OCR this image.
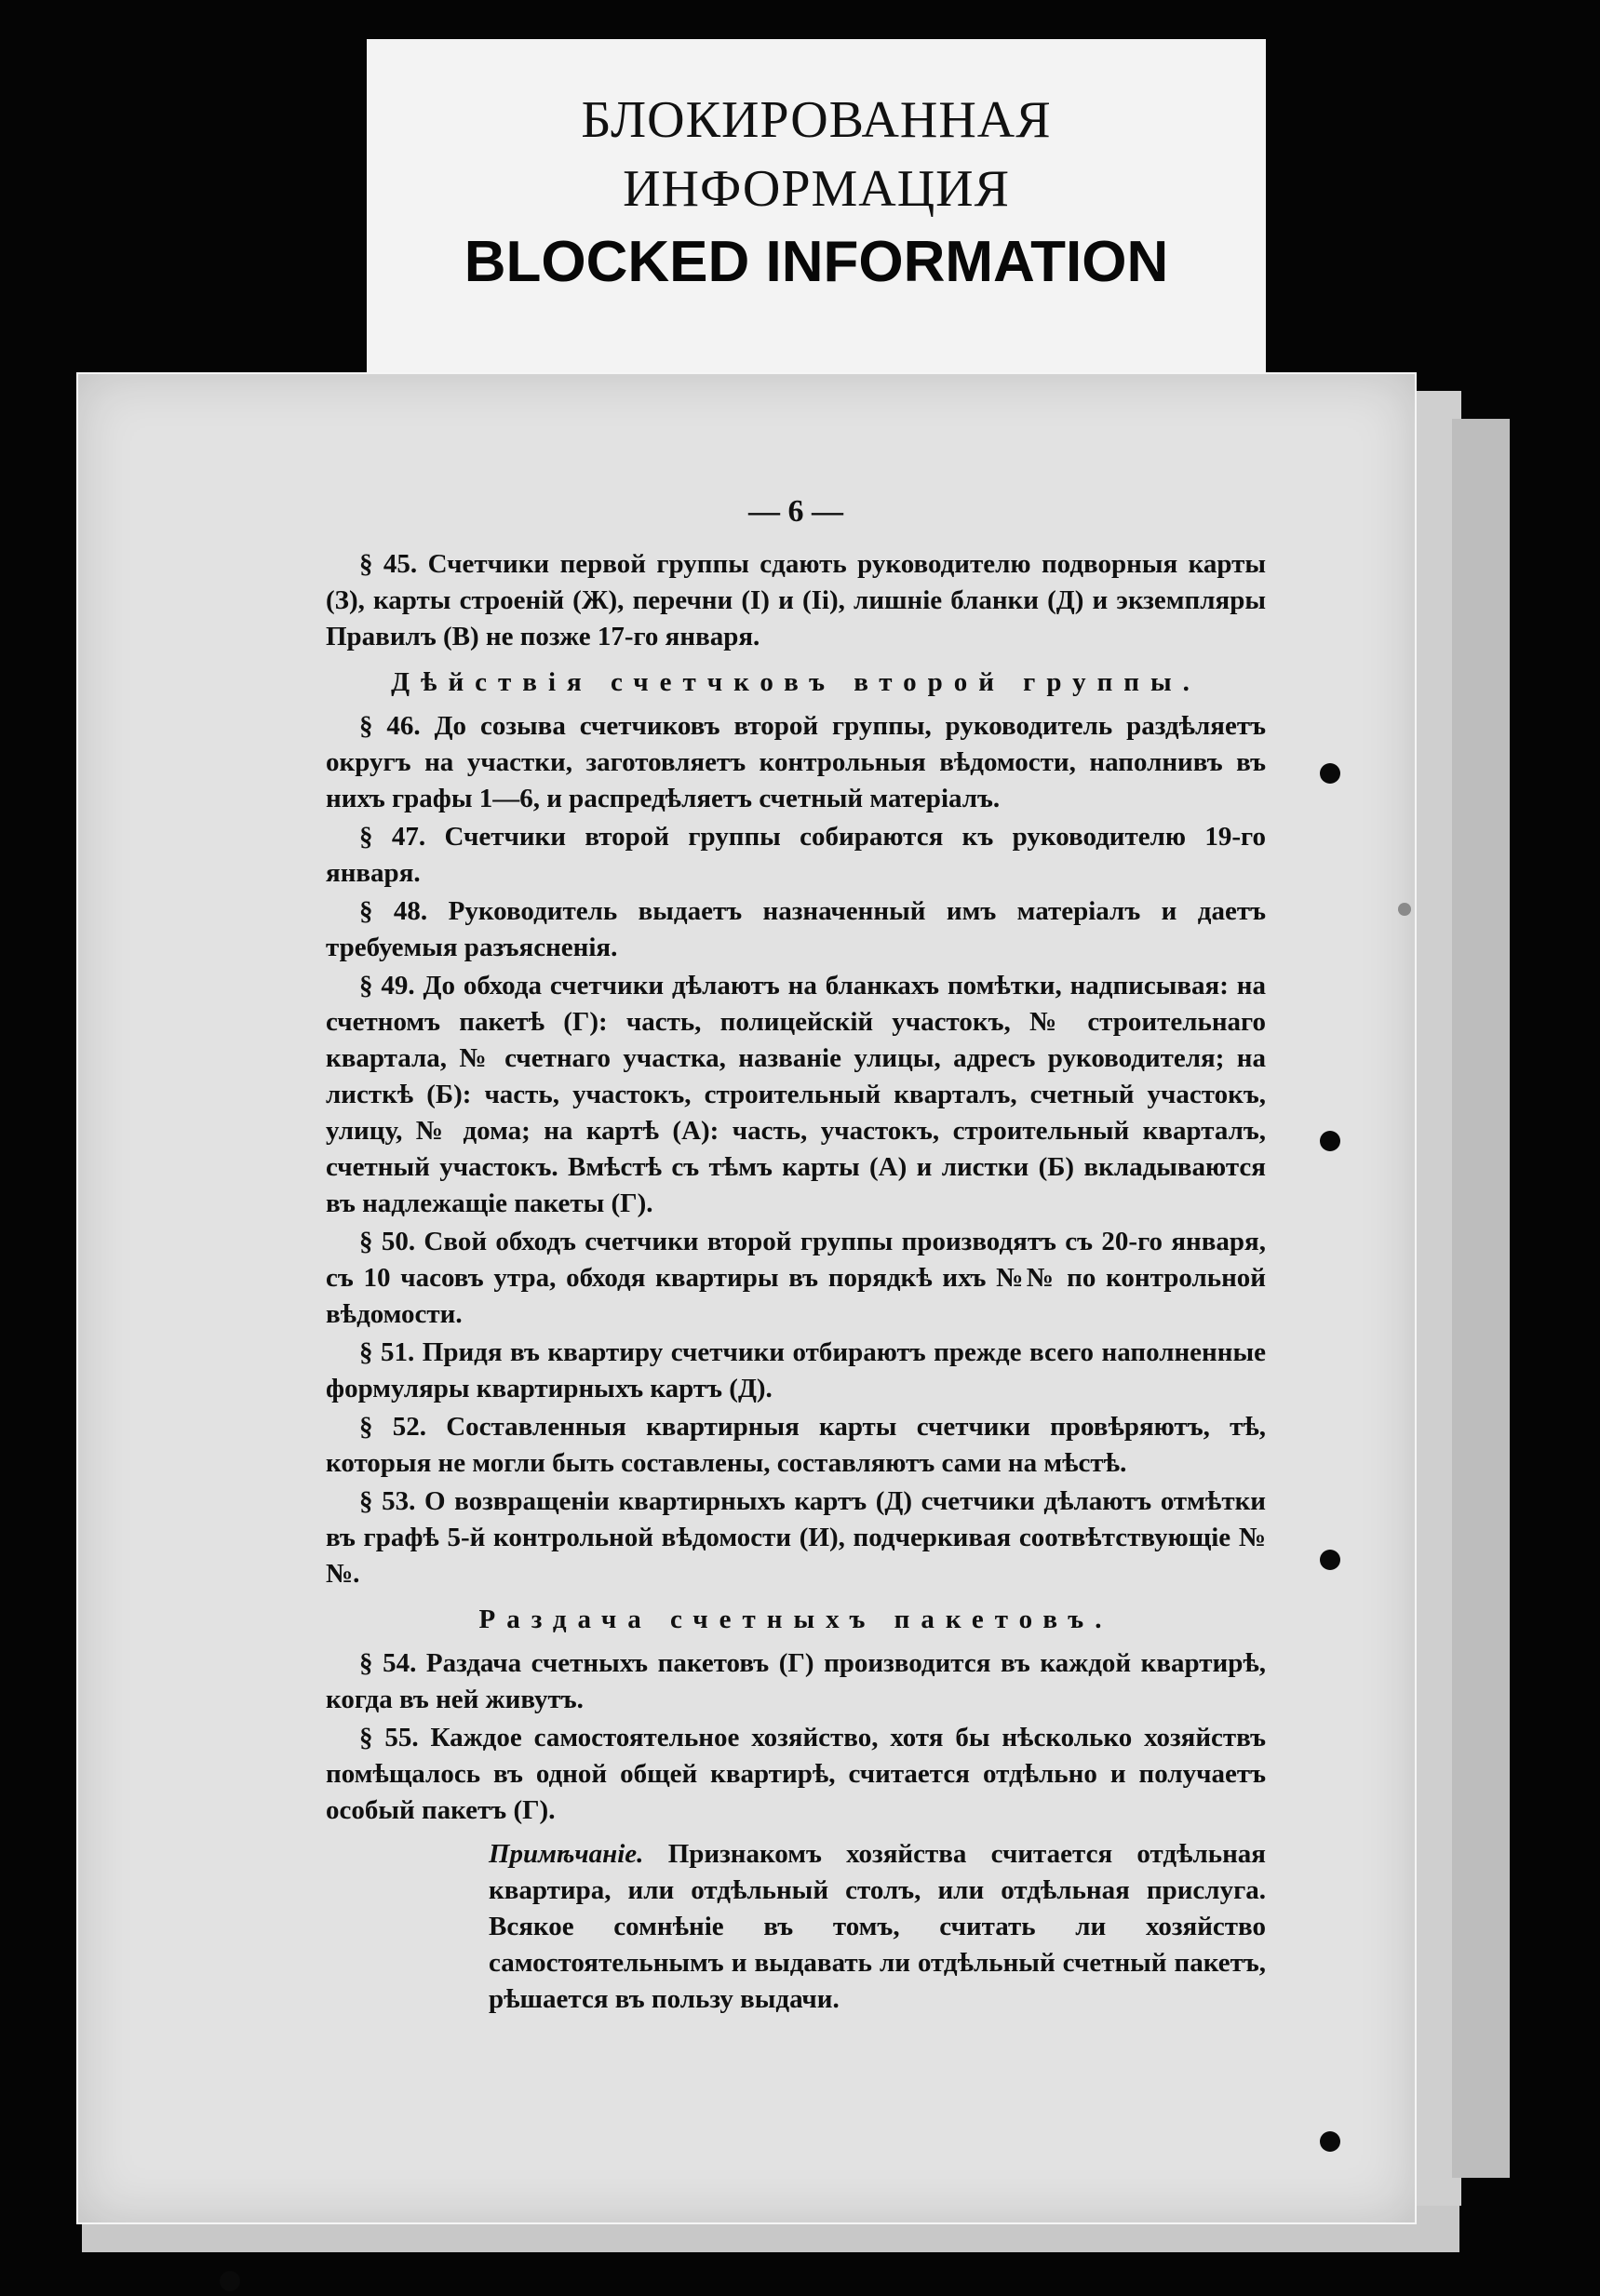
БЛОКИРОВАННАЯ
ИНФОРМАЦИЯ
BLOCKED INFORMATION
— 6 —

§ 45. Счетчики первой группы сдають руководителю подворныя карты (З), карты строеній (Ж), перечни (I) и (Iі), лишніе бланки (Д) и экземпляры Правилъ (В) не позже 17-го января.

Дѣйствія счетчковъ второй группы.

§ 46. До созыва счетчиковъ второй группы, руководитель раздѣляетъ округъ на участки, заготовляетъ контрольныя вѣдомости, наполнивъ въ нихъ графы 1—6, и распредѣляетъ счетный матеріалъ.

§ 47. Счетчики второй группы собираются къ руководителю 19-го января.

§ 48. Руководитель выдаетъ назначенный имъ матеріалъ и даетъ требуемыя разъясненія.

§ 49. До обхода счетчики дѣлаютъ на бланкахъ помѣтки, надписывая: на счетномъ пакетѣ (Г): часть, полицейскій участокъ, № строительнаго квартала, № счетнаго участка, названіе улицы, адресъ руководителя; на листкѣ (Б): часть, участокъ, строительный кварталъ, счетный участокъ, улицу, № дома; на картѣ (А): часть, участокъ, строительный кварталъ, счетный участокъ. Вмѣстѣ съ тѣмъ карты (А) и листки (Б) вкладываются въ надлежащіе пакеты (Г).

§ 50. Свой обходъ счетчики второй группы производятъ съ 20-го января, съ 10 часовъ утра, обходя квартиры въ порядкѣ ихъ №№ по контрольной вѣдомости.

§ 51. Придя въ квартиру счетчики отбираютъ прежде всего наполненные формуляры квартирныхъ картъ (Д).

§ 52. Составленныя квартирныя карты счетчики провѣряютъ, тѣ, которыя не могли быть составлены, составляютъ сами на мѣстѣ.

§ 53. О возвращеніи квартирныхъ картъ (Д) счетчики дѣлаютъ отмѣтки въ графѣ 5-й контрольной вѣдомости (И), подчеркивая соотвѣтствующіе №№.

Раздача счетныхъ пакетовъ.

§ 54. Раздача счетныхъ пакетовъ (Г) производится въ каждой квартирѣ, когда въ ней живутъ.

§ 55. Каждое самостоятельное хозяйство, хотя бы нѣсколько хозяйствъ помѣщалось въ одной общей квартирѣ, считается отдѣльно и получаетъ особый пакетъ (Г).

Примѣчаніе. Признакомъ хозяйства считается отдѣльная квартира, или отдѣльный столъ, или отдѣльная прислуга. Всякое сомнѣніе въ томъ, считать ли хозяйство самостоятельнымъ и выдавать ли отдѣльный счетный пакетъ, рѣшается въ пользу выдачи.
